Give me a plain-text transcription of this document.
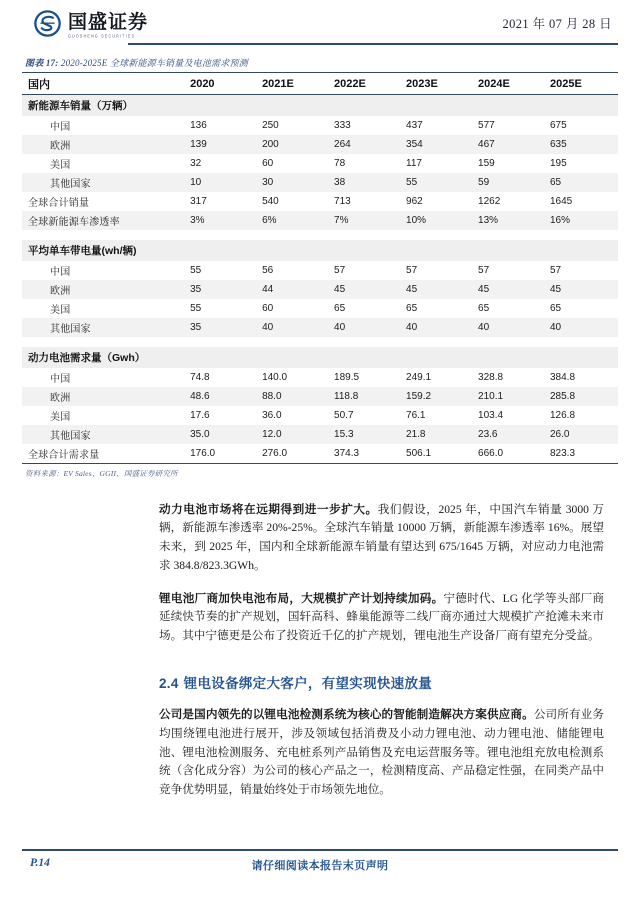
国盛证券
GUOSHENG SECURITIES
2021 年 07 月 28 日
图表 17: 2020-2025E 全球新能源车销量及电池需求预测
国内	2020	2021E	2022E	2023E	2024E	2025E
新能源车销量（万辆）						
中国	136	250	333	437	577	675
欧洲	139	200	264	354	467	635
美国	32	60	78	117	159	195
其他国家	10	30	38	55	59	65
全球合计销量	317	540	713	962	1262	1645
全球新能源车渗透率	3%	6%	7%	10%	13%	16%

平均单车带电量(wh/辆)						
中国	55	56	57	57	57	57
欧洲	35	44	45	45	45	45
美国	55	60	65	65	65	65
其他国家	35	40	40	40	40	40

动力电池需求量（Gwh）						
中国	74.8	140.0	189.5	249.1	328.8	384.8
欧洲	48.6	88.0	118.8	159.2	210.1	285.8
美国	17.6	36.0	50.7	76.1	103.4	126.8
其他国家	35.0	12.0	15.3	21.8	23.6	26.0
全球合计需求量	176.0	276.0	374.3	506.1	666.0	823.3

资料来源：EV Sales、GGII、国盛证券研究所

动力电池市场将在远期得到进一步扩大。我们假设，2025 年，中国汽车销量 3000 万辆，新能源车渗透率 20%-25%。全球汽车销量 10000 万辆，新能源车渗透率 16%。展望未来，到 2025 年，国内和全球新能源车销量有望达到 675/1645 万辆，对应动力电池需求 384.8/823.3GWh。

锂电池厂商加快电池布局，大规模扩产计划持续加码。宁德时代、LG 化学等头部厂商延续快节奏的扩产规划，国轩高科、蜂巢能源等二线厂商亦通过大规模扩产抢滩未来市场。其中宁德更是公布了投资近千亿的扩产规划，锂电池生产设备厂商有望充分受益。

2.4 锂电设备绑定大客户，有望实现快速放量

公司是国内领先的以锂电池检测系统为核心的智能制造解决方案供应商。公司所有业务均围绕锂电池进行展开，涉及领域包括消费及小动力锂电池、动力锂电池、储能锂电池、锂电池检测服务、充电桩系列产品销售及充电运营服务等。锂电池组充放电检测系统（含化成分容）为公司的核心产品之一，检测精度高、产品稳定性强，在同类产品中竞争优势明显，销量始终处于市场领先地位。

P.14	请仔细阅读本报告末页声明
